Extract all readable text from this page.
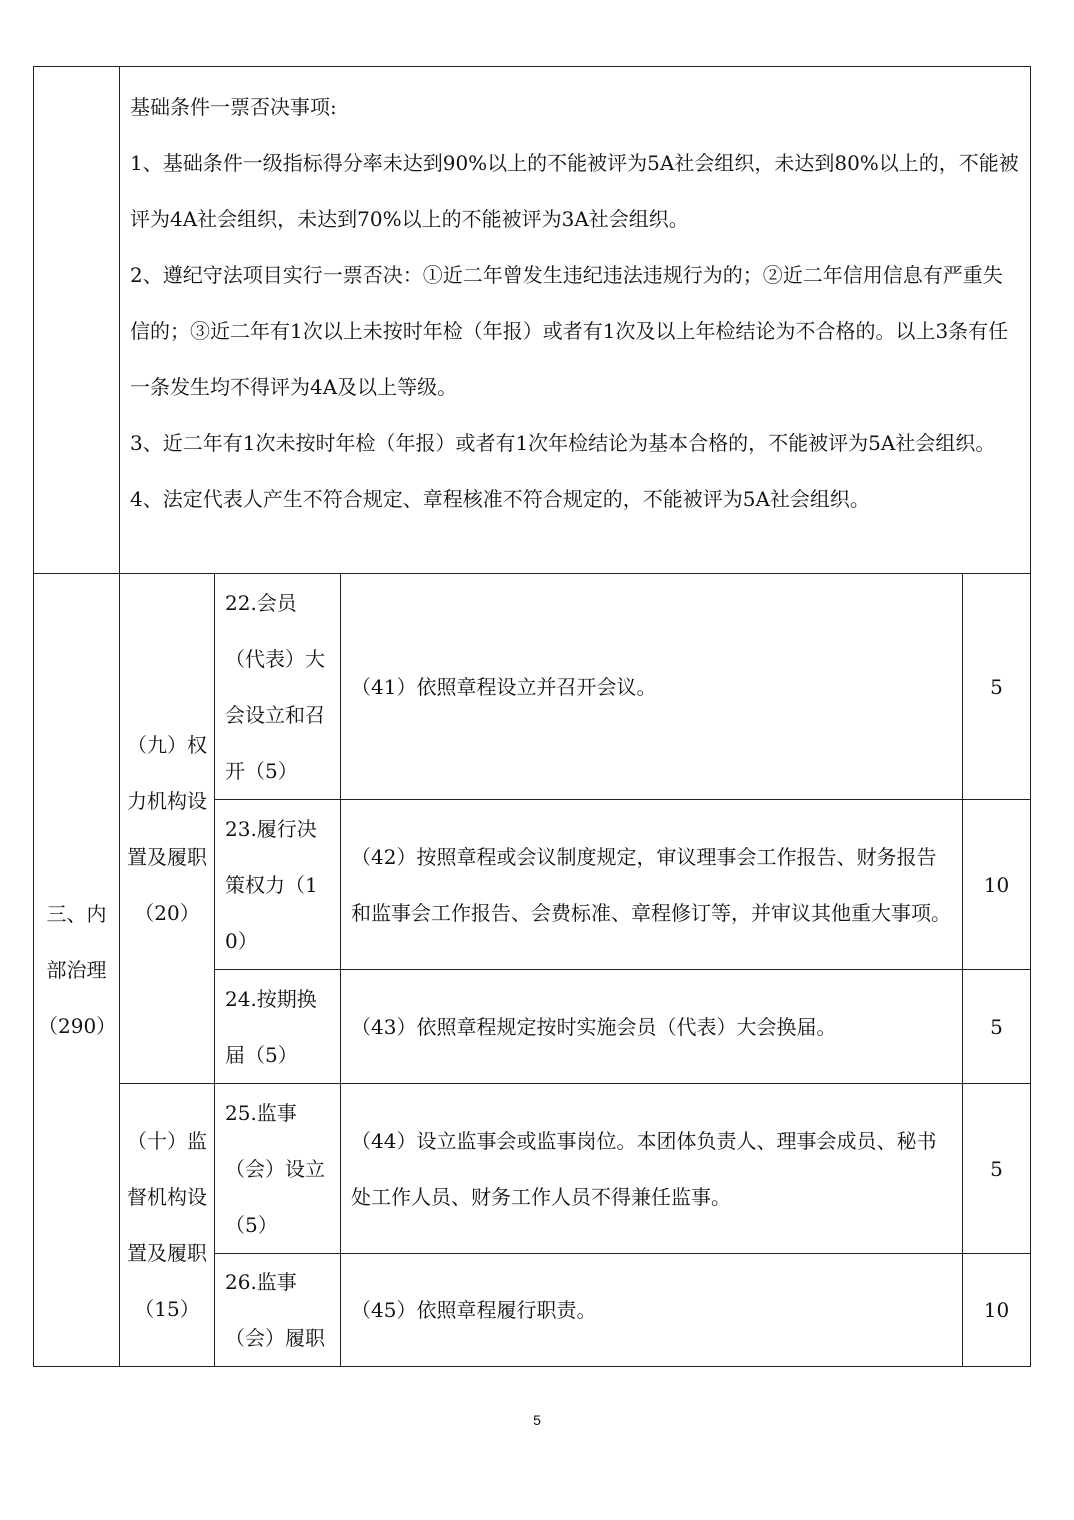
	基础条件一票否决事项:

1、基础条件一级指标得分率未达到90%以上的不能被评为5A社会组织，未达到80%以上的，不能被评为4A社会组织，未达到70%以上的不能被评为3A社会组织。

2、遵纪守法项目实行一票否决：①近二年曾发生违纪违法违规行为的；②近二年信用信息有严重失信的；③近二年有1次以上未按时年检（年报）或者有1次及以上年检结论为不合格的。以上3条有任一条发生均不得评为4A及以上等级。

3、近二年有1次未按时年检（年报）或者有1次年检结论为基本合格的，不能被评为5A社会组织。

4、法定代表人产生不符合规定、章程核准不符合规定的，不能被评为5A社会组织。			

三、内部治理（290）	（九）权力机构设置及履职（20）	22.会员（代表）大会设立和召开（5）	（41）依照章程设立并召开会议。	5
		23.履行决策权力（10）	（42）按照章程或会议制度规定，审议理事会工作报告、财务报告和监事会工作报告、会费标准、章程修订等，并审议其他重大事项。	10
		24.按期换届（5）	（43）依照章程规定按时实施会员（代表）大会换届。	5
	（十）监督机构设置及履职（15）	25.监事（会）设立（5）	（44）设立监事会或监事岗位。本团体负责人、理事会成员、秘书处工作人员、财务工作人员不得兼任监事。	5
		26.监事（会）履职	（45）依照章程履行职责。	10
5
